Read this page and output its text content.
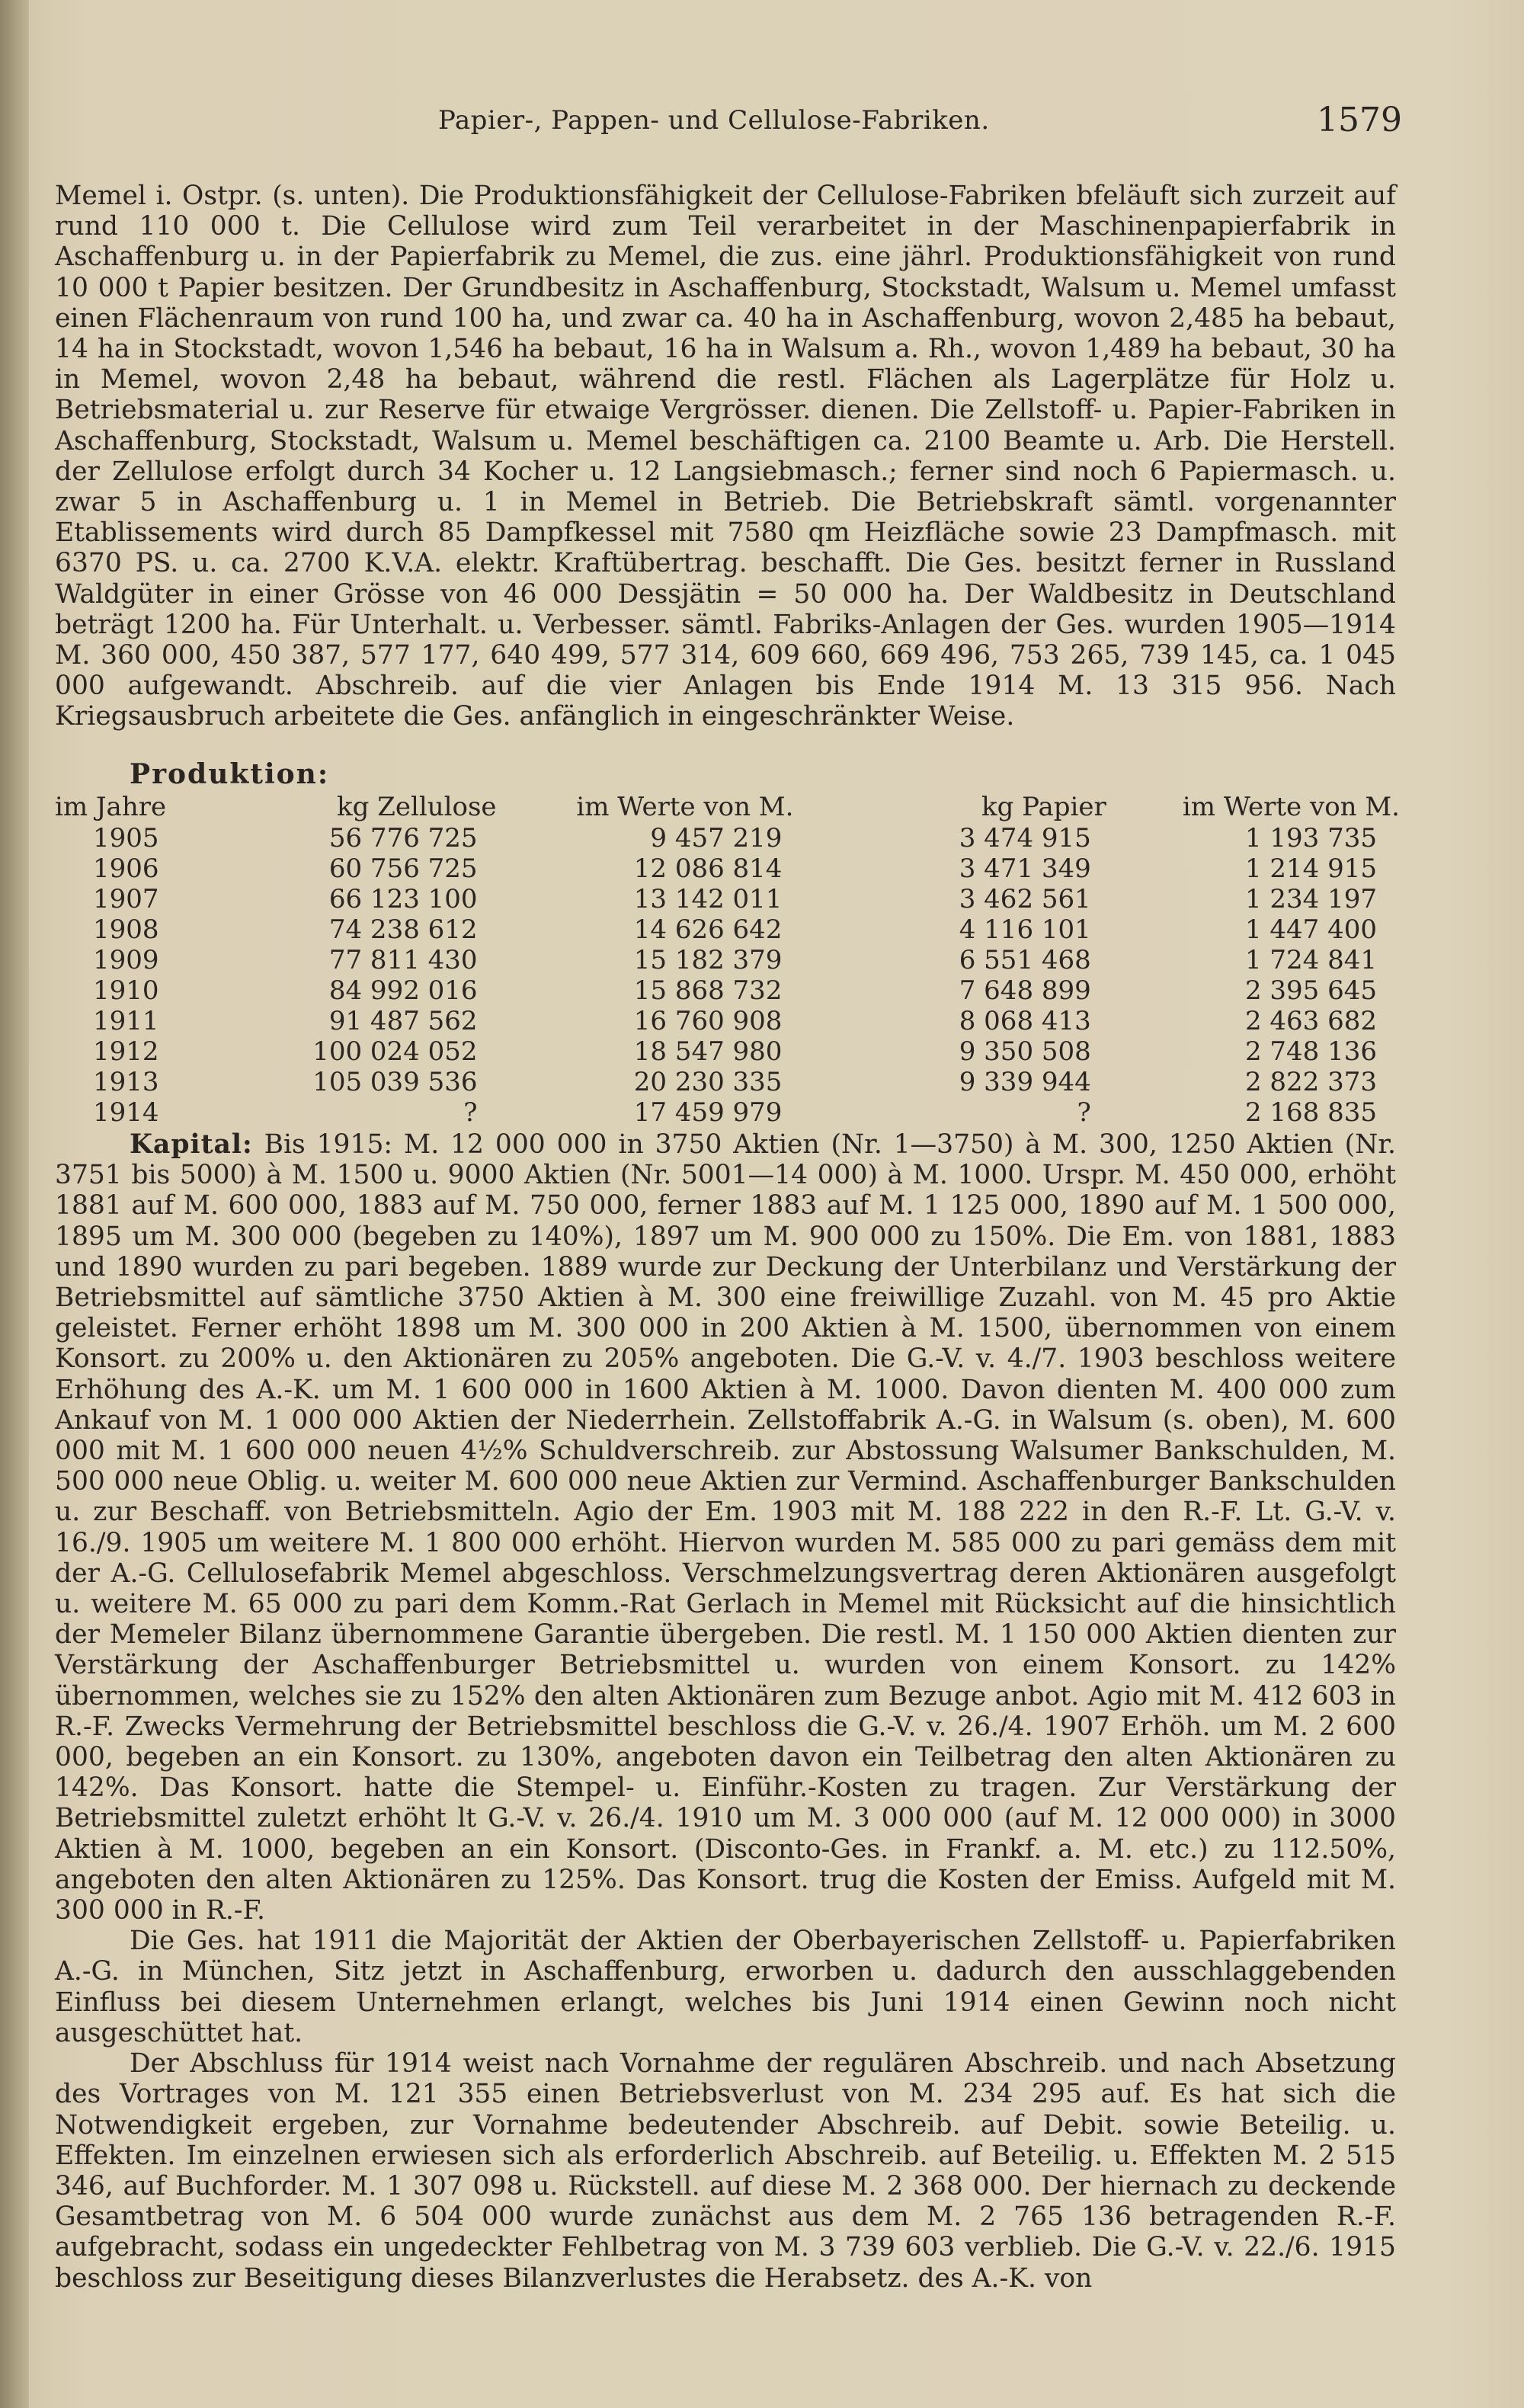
Papier-, Pappen- und Cellulose-Fabriken.	1579

Memel i. Ostpr. (s. unten). Die Produktionsfähigkeit der Cellulose-Fabriken bfeläuft sich zurzeit auf rund 110 000 t. Die Cellulose wird zum Teil verarbeitet in der Maschinenpapierfabrik in Aschaffenburg u. in der Papierfabrik zu Memel, die zus. eine jährl. Produktionsfähigkeit von rund 10 000 t Papier besitzen. Der Grundbesitz in Aschaffenburg, Stockstadt, Walsum u. Memel umfasst einen Flächenraum von rund 100 ha, und zwar ca. 40 ha in Aschaffenburg, wovon 2,485 ha bebaut, 14 ha in Stockstadt, wovon 1,546 ha bebaut, 16 ha in Walsum a. Rh., wovon 1,489 ha bebaut, 30 ha in Memel, wovon 2,48 ha bebaut, während die restl. Flächen als Lagerplätze für Holz u. Betriebsmaterial u. zur Reserve für etwaige Vergrösser. dienen. Die Zellstoff- u. Papier-Fabriken in Aschaffenburg, Stockstadt, Walsum u. Memel beschäftigen ca. 2100 Beamte u. Arb. Die Herstell. der Zellulose erfolgt durch 34 Kocher u. 12 Langsiebmasch.; ferner sind noch 6 Papiermasch. u. zwar 5 in Aschaffenburg u. 1 in Memel in Betrieb. Die Betriebskraft sämtl. vorgenannter Etablissements wird durch 85 Dampfkessel mit 7580 qm Heizfläche sowie 23 Dampfmasch. mit 6370 PS. u. ca. 2700 K.V.A. elektr. Kraftübertrag. beschafft. Die Ges. besitzt ferner in Russland Waldgüter in einer Grösse von 46 000 Dessjätin = 50 000 ha. Der Waldbesitz in Deutschland beträgt 1200 ha. Für Unterhalt. u. Verbesser. sämtl. Fabriks-Anlagen der Ges. wurden 1905—1914 M. 360 000, 450 387, 577 177, 640 499, 577 314, 609 660, 669 496, 753 265, 739 145, ca. 1 045 000 aufgewandt. Abschreib. auf die vier Anlagen bis Ende 1914 M. 13 315 956. Nach Kriegsausbruch arbeitete die Ges. anfänglich in eingeschränkter Weise.

Produktion:
im Jahre	kg Zellulose	im Werte von M.	kg Papier	im Werte von M.
1905	56 776 725	9 457 219	3 474 915	1 193 735
1906	60 756 725	12 086 814	3 471 349	1 214 915
1907	66 123 100	13 142 011	3 462 561	1 234 197
1908	74 238 612	14 626 642	4 116 101	1 447 400
1909	77 811 430	15 182 379	6 551 468	1 724 841
1910	84 992 016	15 868 732	7 648 899	2 395 645
1911	91 487 562	16 760 908	8 068 413	2 463 682
1912	100 024 052	18 547 980	9 350 508	2 748 136
1913	105 039 536	20 230 335	9 339 944	2 822 373
1914	?	17 459 979	?	2 168 835

Kapital: Bis 1915: M. 12 000 000 in 3750 Aktien (Nr. 1—3750) à M. 300, 1250 Aktien (Nr. 3751 bis 5000) à M. 1500 u. 9000 Aktien (Nr. 5001—14 000) à M. 1000. Urspr. M. 450 000, erhöht 1881 auf M. 600 000, 1883 auf M. 750 000, ferner 1883 auf M. 1 125 000, 1890 auf M. 1 500 000, 1895 um M. 300 000 (begeben zu 140%), 1897 um M. 900 000 zu 150%. Die Em. von 1881, 1883 und 1890 wurden zu pari begeben. 1889 wurde zur Deckung der Unterbilanz und Verstärkung der Betriebsmittel auf sämtliche 3750 Aktien à M. 300 eine freiwillige Zuzahl. von M. 45 pro Aktie geleistet. Ferner erhöht 1898 um M. 300 000 in 200 Aktien à M. 1500, übernommen von einem Konsort. zu 200% u. den Aktionären zu 205% angeboten. Die G.-V. v. 4./7. 1903 beschloss weitere Erhöhung des A.-K. um M. 1 600 000 in 1600 Aktien à M. 1000. Davon dienten M. 400 000 zum Ankauf von M. 1 000 000 Aktien der Niederrhein. Zellstoffabrik A.-G. in Walsum (s. oben), M. 600 000 mit M. 1 600 000 neuen 4½% Schuldverschreib. zur Abstossung Walsumer Bankschulden, M. 500 000 neue Oblig. u. weiter M. 600 000 neue Aktien zur Vermind. Aschaffenburger Bankschulden u. zur Beschaff. von Betriebsmitteln. Agio der Em. 1903 mit M. 188 222 in den R.-F. Lt. G.-V. v. 16./9. 1905 um weitere M. 1 800 000 erhöht. Hiervon wurden M. 585 000 zu pari gemäss dem mit der A.-G. Cellulosefabrik Memel abgeschloss. Verschmelzungsvertrag deren Aktionären ausgefolgt u. weitere M. 65 000 zu pari dem Komm.-Rat Gerlach in Memel mit Rücksicht auf die hinsichtlich der Memeler Bilanz übernommene Garantie übergeben. Die restl. M. 1 150 000 Aktien dienten zur Verstärkung der Aschaffenburger Betriebsmittel u. wurden von einem Konsort. zu 142% übernommen, welches sie zu 152% den alten Aktionären zum Bezuge anbot. Agio mit M. 412 603 in R.-F. Zwecks Vermehrung der Betriebsmittel beschloss die G.-V. v. 26./4. 1907 Erhöh. um M. 2 600 000, begeben an ein Konsort. zu 130%, angeboten davon ein Teilbetrag den alten Aktionären zu 142%. Das Konsort. hatte die Stempel- u. Einführ.-Kosten zu tragen. Zur Verstärkung der Betriebsmittel zuletzt erhöht lt G.-V. v. 26./4. 1910 um M. 3 000 000 (auf M. 12 000 000) in 3000 Aktien à M. 1000, begeben an ein Konsort. (Disconto-Ges. in Frankf. a. M. etc.) zu 112.50%, angeboten den alten Aktionären zu 125%. Das Konsort. trug die Kosten der Emiss. Aufgeld mit M. 300 000 in R.-F.

Die Ges. hat 1911 die Majorität der Aktien der Oberbayerischen Zellstoff- u. Papierfabriken A.-G. in München, Sitz jetzt in Aschaffenburg, erworben u. dadurch den ausschlaggebenden Einfluss bei diesem Unternehmen erlangt, welches bis Juni 1914 einen Gewinn noch nicht ausgeschüttet hat.

Der Abschluss für 1914 weist nach Vornahme der regulären Abschreib. und nach Absetzung des Vortrages von M. 121 355 einen Betriebsverlust von M. 234 295 auf. Es hat sich die Notwendigkeit ergeben, zur Vornahme bedeutender Abschreib. auf Debit. sowie Beteilig. u. Effekten. Im einzelnen erwiesen sich als erforderlich Abschreib. auf Beteilig. u. Effekten M. 2 515 346, auf Buchforder. M. 1 307 098 u. Rückstell. auf diese M. 2 368 000. Der hiernach zu deckende Gesamtbetrag von M. 6 504 000 wurde zunächst aus dem M. 2 765 136 betragenden R.-F. aufgebracht, sodass ein ungedeckter Fehlbetrag von M. 3 739 603 verblieb. Die G.-V. v. 22./6. 1915 beschloss zur Beseitigung dieses Bilanzverlustes die Herabsetz. des A.-K. von
